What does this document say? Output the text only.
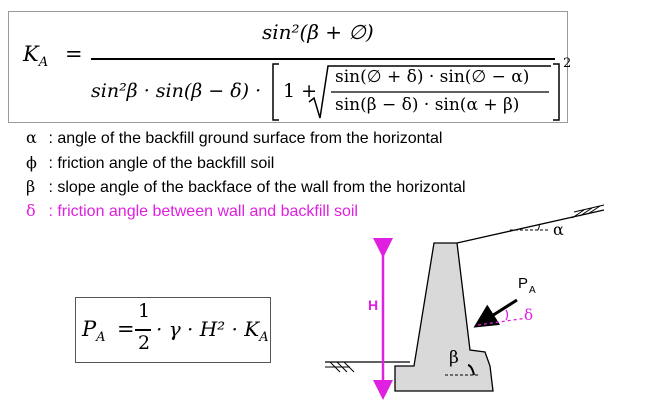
$K_A$ =
sin²(β + ∅)
sin²β · sin(β − δ) · 1 +
sin(∅ + δ) · sin(∅ − α)
sin(β − δ) · sin(α + β)
2
α : angle of the backfill ground surface from the horizontal
ϕ : friction angle of the backfill soil
β : slope angle of the backface of the wall from the horizontal
δ : friction angle between wall and backfill soil
$P_A$ =
1
2
· $\gamma \cdot H^2 \cdot K_A$
α
H
P A
δ
β
